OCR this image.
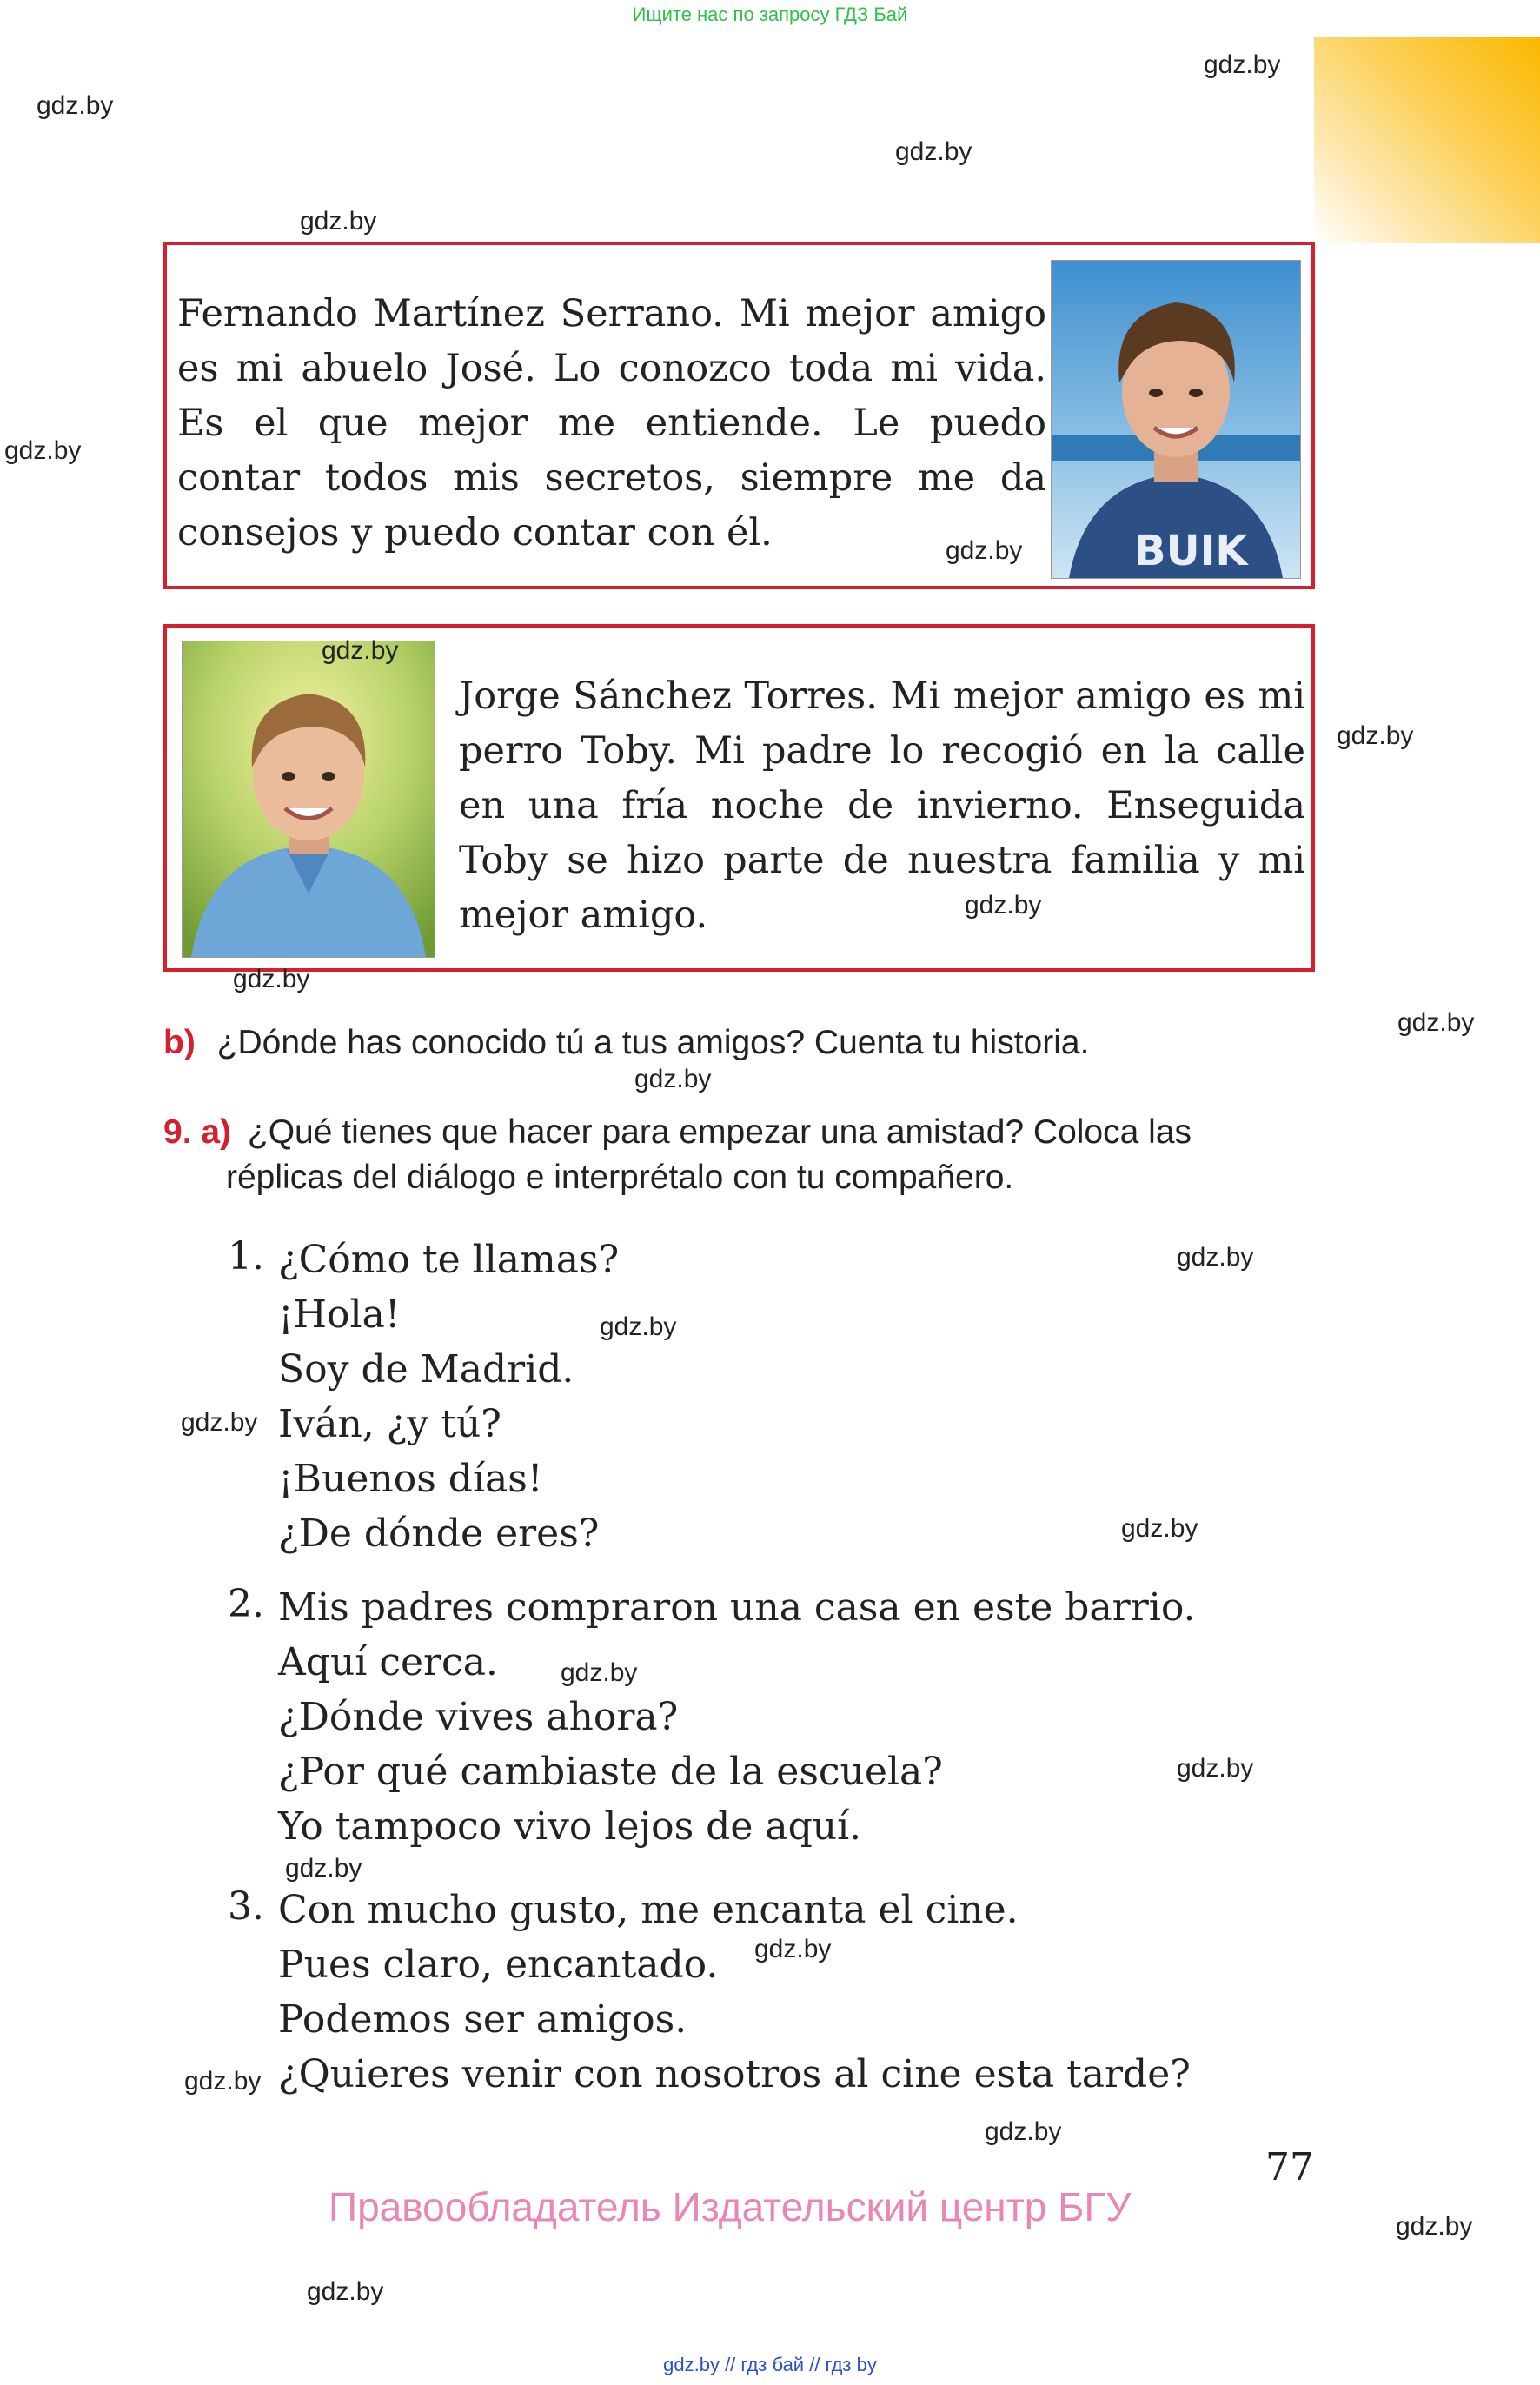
Ищите нас по запросу ГДЗ Бай
gdz.by
gdz.by
gdz.by
gdz.by
gdz.by
Fernando Martínez Serrano. Mi mejor amigo es mi abuelo José. Lo conozco toda mi vida. Es el que mejor me entiende. Le puedo contar todos mis secretos, siempre me da consejos y puedo contar con él.	gdz.by	BUIK
gdz.by
Jorge Sánchez Torres. Mi mejor amigo es mi perro Toby. Mi padre lo recogió en la calle en una fría noche de invierno. Enseguida Toby se hizo parte de nuestra familia y mi mejor amigo.	gdz.by
gdz.by
gdz.by
gdz.by
b) ¿Dónde has conocido tú a tus amigos? Cuenta tu historia.
gdz.by
9. a) ¿Qué tienes que hacer para empezar una amistad? Coloca las
réplicas del diálogo e interprétalo con tu compañero.
1. ¿Cómo te llamas?
¡Hola!
Soy de Madrid.
Iván, ¿y tú?
¡Buenos días!
¿De dónde eres?
gdz.by
gdz.by
gdz.by
gdz.by
2. Mis padres compraron una casa en este barrio.
Aquí cerca.
¿Dónde vives ahora?
¿Por qué cambiaste de la escuela?
Yo tampoco vivo lejos de aquí.
gdz.by
gdz.by
gdz.by
3. Con mucho gusto, me encanta el cine.
Pues claro, encantado.
Podemos ser amigos.
¿Quieres venir con nosotros al cine esta tarde?
gdz.by
gdz.by
gdz.by
77
Правообладатель Издательский центр БГУ	gdz.by
gdz.by
gdz.by // гдз бай // гдз by
